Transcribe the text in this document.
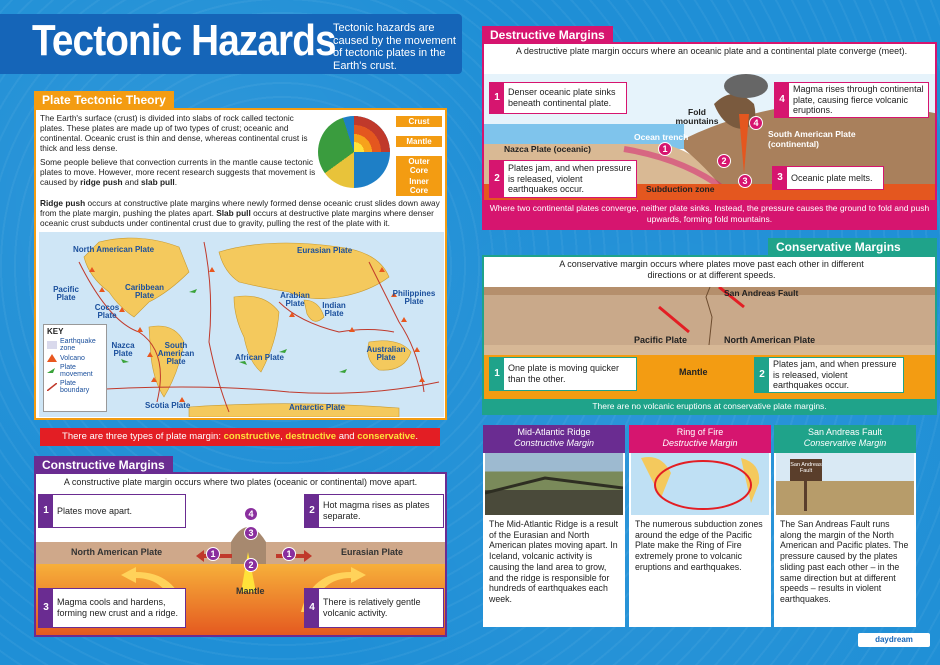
Tectonic Hazards
Tectonic hazards are caused by the movement of tectonic plates in the Earth's crust.
Plate Tectonic Theory

The Earth's surface (crust) is divided into slabs of rock called tectonic plates. These plates are made up of two types of crust; oceanic and continental. Oceanic crust is thin and dense, whereas continental crust is thick and less dense.

Some people believe that convection currents in the mantle cause tectonic plates to move. However, more recent research suggests that movement is caused by ridge push and slab pull.

Ridge push occurs at constructive plate margins where newly formed dense oceanic crust slides down away from the plate margin, pushing the plates apart. Slab pull occurs at destructive plate margins where denser oceanic crust subducts under continental crust due to gravity, pulling the rest of the plate with it.
Crust
Mantle
Outer Core
Inner Core
North American Plate	Eurasian Plate
Pacific Plate
Caribbean Plate
Cocos Plate
Nazca Plate
South American Plate	African Plate
Arabian Plate	Indian Plate
Philippines Plate
Australian Plate
Scotia Plate	Antarctic Plate
KEY
Earthquake zone
Volcano
Plate movement
Plate boundary
There are three types of plate margin: constructive, destructive and conservative.
Constructive Margins
A constructive plate margin occurs where two plates (oceanic or continental) move apart.
1 Plates move apart.	2 Hot magma rises as plates separate.
3 Magma cools and hardens, forming new crust and a ridge.	4 There is relatively gentle volcanic activity.
North American Plate	Eurasian Plate
Mantle
1	1
2
3
4
Destructive Margins
A destructive plate margin occurs where an oceanic plate and a continental plate converge (meet).
1 Denser oceanic plate sinks beneath continental plate.	4
Magma rises through continental plate, causing fierce volcanic eruptions.
2
Plates jam, and when pressure is released, violent earthquakes occur.
3 Oceanic plate melts.
Fold mountains
Ocean trench
Nazca Plate (oceanic)
South American Plate (continental)
Subduction zone
1
2
3
4
Where two continental plates converge, neither plate sinks. Instead, the pressure causes the ground to fold and push upwards, forming fold mountains.
Conservative Margins
A conservative margin occurs where plates move past each other in different directions or at different speeds.
San Andreas Fault
Pacific Plate	North American Plate
Mantle
1 One plate is moving quicker than the other.	2
Plates jam, and when pressure is released, violent earthquakes occur.
There are no volcanic eruptions at conservative plate margins.
Mid-Atlantic Ridge
Constructive Margin
The Mid-Atlantic Ridge is a result of the Eurasian and North American plates moving apart. In Iceland, volcanic activity is causing the land area to grow, and the ridge is responsible for hundreds of earthquakes each week.
Ring of Fire
Destructive Margin
The numerous subduction zones around the edge of the Pacific Plate make the Ring of Fire extremely prone to volcanic eruptions and earthquakes.
San Andreas Fault
Conservative Margin
San Andreas Fault
The San Andreas Fault runs along the margin of the North American and Pacific plates. The pressure caused by the plates sliding past each other – in the same direction but at different speeds – results in violent earthquakes.
daydream
